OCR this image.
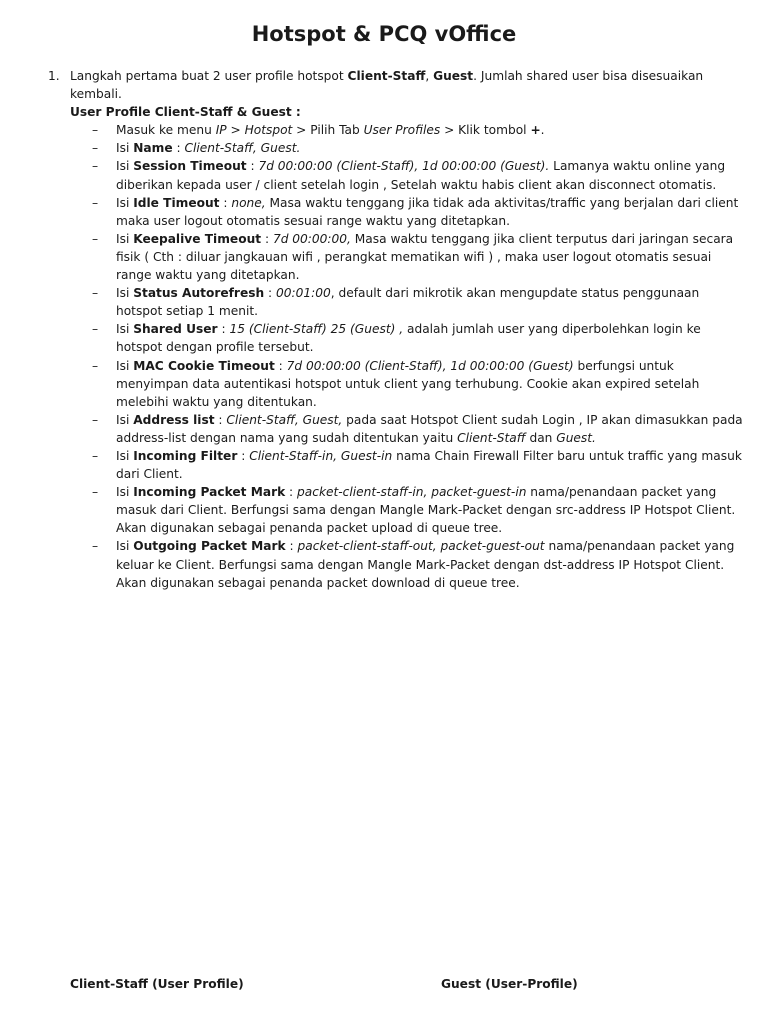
Hotspot & PCQ vOffice
1. Langkah pertama buat 2 user profile hotspot Client-Staff, Guest. Jumlah shared user bisa disesuaikan kembali.
User Profile Client-Staff & Guest :
– Masuk ke menu IP > Hotspot > Pilih Tab User Profiles > Klik tombol +.
– Isi Name : Client-Staff, Guest.
– Isi Session Timeout : 7d 00:00:00 (Client-Staff), 1d 00:00:00 (Guest). Lamanya waktu online yang diberikan kepada user / client setelah login , Setelah waktu habis client akan disconnect otomatis.
– Isi Idle Timeout : none, Masa waktu tenggang jika tidak ada aktivitas/traffic yang berjalan dari client maka user logout otomatis sesuai range waktu yang ditetapkan.
– Isi Keepalive Timeout : 7d 00:00:00, Masa waktu tenggang jika client terputus dari jaringan secara fisik ( Cth : diluar jangkauan wifi , perangkat mematikan wifi ) , maka user logout otomatis sesuai range waktu yang ditetapkan.
– Isi Status Autorefresh : 00:01:00, default dari mikrotik akan mengupdate status penggunaan hotspot setiap 1 menit.
– Isi Shared User : 15 (Client-Staff) 25 (Guest) , adalah jumlah user yang diperbolehkan login ke hotspot dengan profile tersebut.
– Isi MAC Cookie Timeout : 7d 00:00:00 (Client-Staff), 1d 00:00:00 (Guest) berfungsi untuk menyimpan data autentikasi hotspot untuk client yang terhubung. Cookie akan expired setelah melebihi waktu yang ditentukan.
– Isi Address list : Client-Staff, Guest, pada saat Hotspot Client sudah Login , IP akan dimasukkan pada address-list dengan nama yang sudah ditentukan yaitu Client-Staff dan Guest.
– Isi Incoming Filter : Client-Staff-in, Guest-in nama Chain Firewall Filter baru untuk traffic yang masuk dari Client.
– Isi Incoming Packet Mark : packet-client-staff-in, packet-guest-in nama/penandaan packet yang masuk dari Client. Berfungsi sama dengan Mangle Mark-Packet dengan src-address IP Hotspot Client. Akan digunakan sebagai penanda packet upload di queue tree.
– Isi Outgoing Packet Mark : packet-client-staff-out, packet-guest-out nama/penandaan packet yang keluar ke Client. Berfungsi sama dengan Mangle Mark-Packet dengan dst-address IP Hotspot Client. Akan digunakan sebagai penanda packet download di queue tree.
Client-Staff (User Profile)	Guest (User-Profile)
